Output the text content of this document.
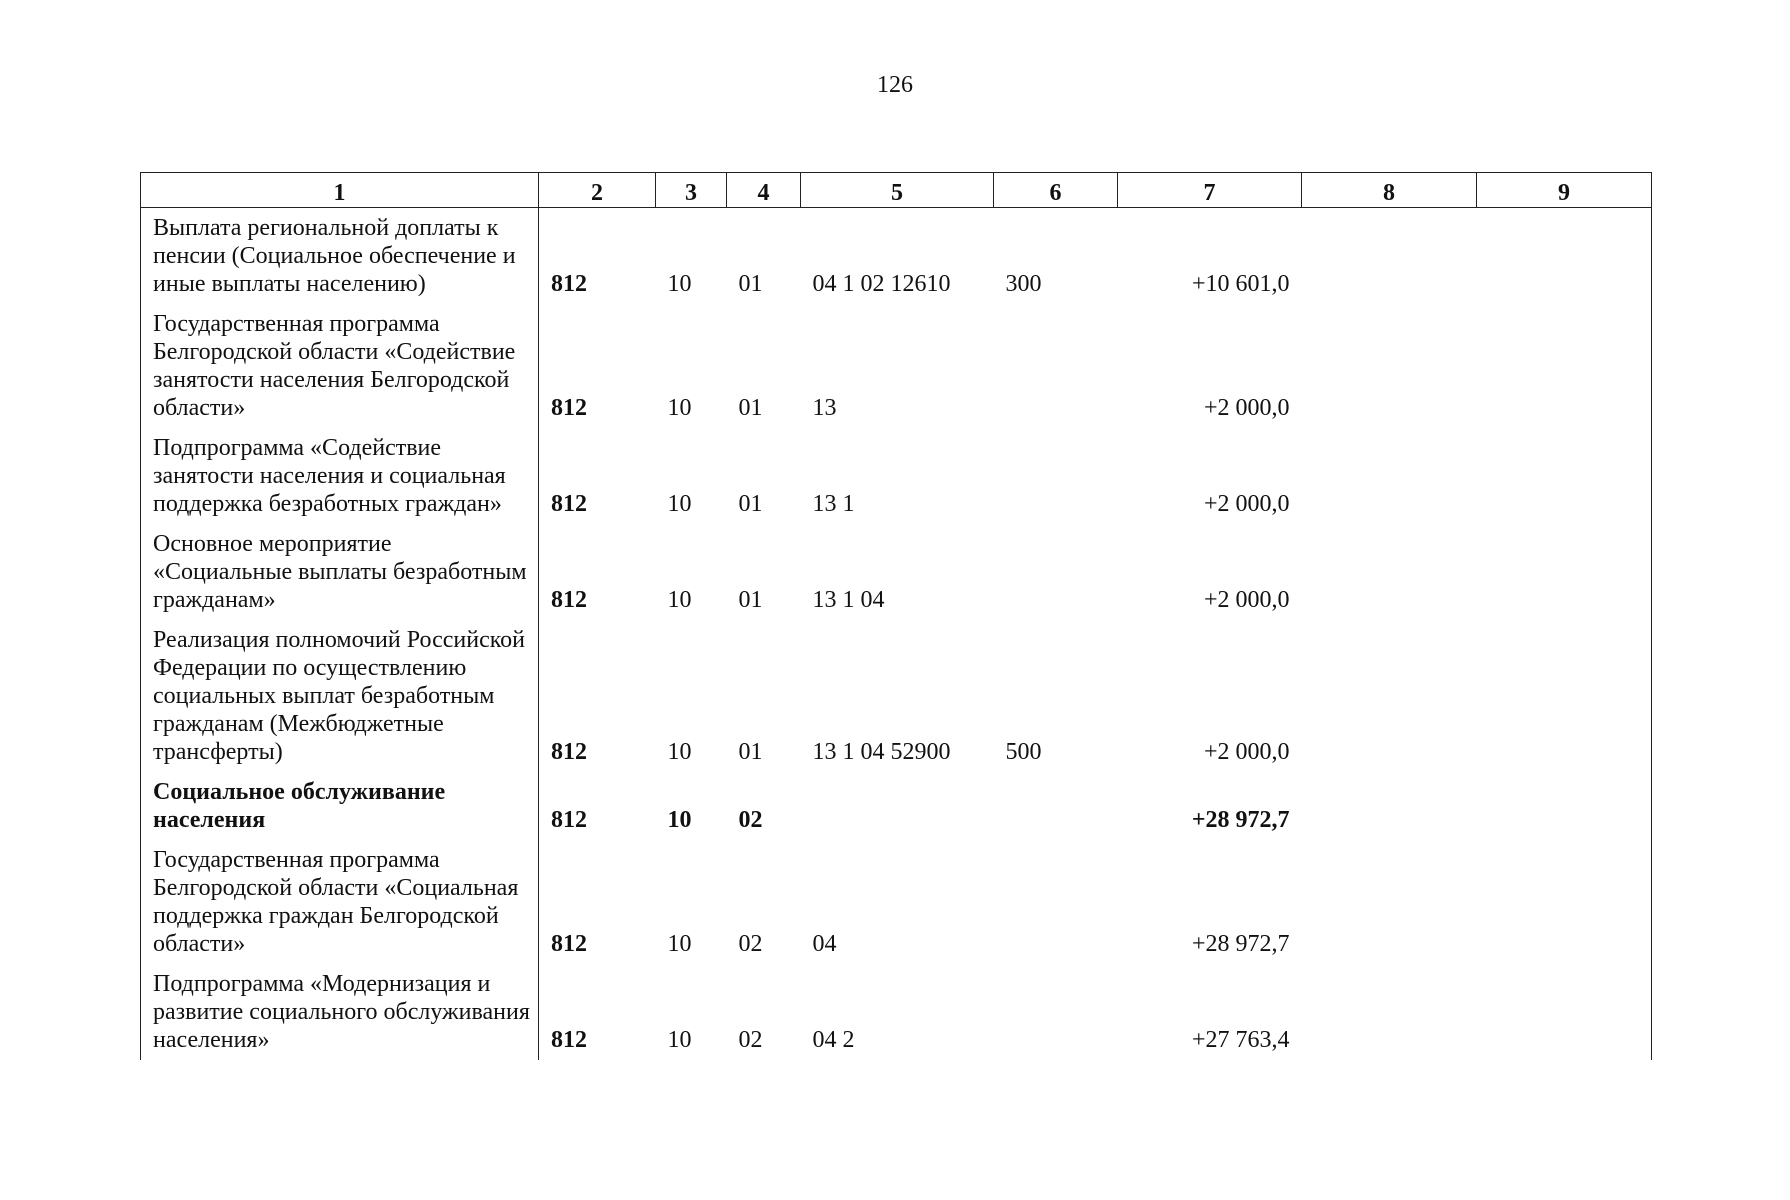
126
1	2	3	4	5	6	7	8	9
Выплата региональной доплаты к пенсии (Социальное обеспечение и иные выплаты населению)	812	10	01	04 1 02 12610	300	+10 601,0		
Государственная программа Белгородской области «Содействие занятости населения Белгородской области»	812	10	01	13		+2 000,0		
Подпрограмма «Содействие занятости населения и социальная поддержка безработных граждан»	812	10	01	13 1		+2 000,0		
Основное мероприятие «Социальные выплаты безработным гражданам»	812	10	01	13 1 04		+2 000,0		
Реализация полномочий Российской Федерации по осуществлению социальных выплат безработным гражданам (Межбюджетные трансферты)	812	10	01	13 1 04 52900	500	+2 000,0		
Социальное обслуживание населения	812	10	02			+28 972,7		
Государственная программа Белгородской области «Социальная поддержка граждан Белгородской области»	812	10	02	04		+28 972,7		
Подпрограмма «Модернизация и развитие социального обслуживания населения»	812	10	02	04 2		+27 763,4		
